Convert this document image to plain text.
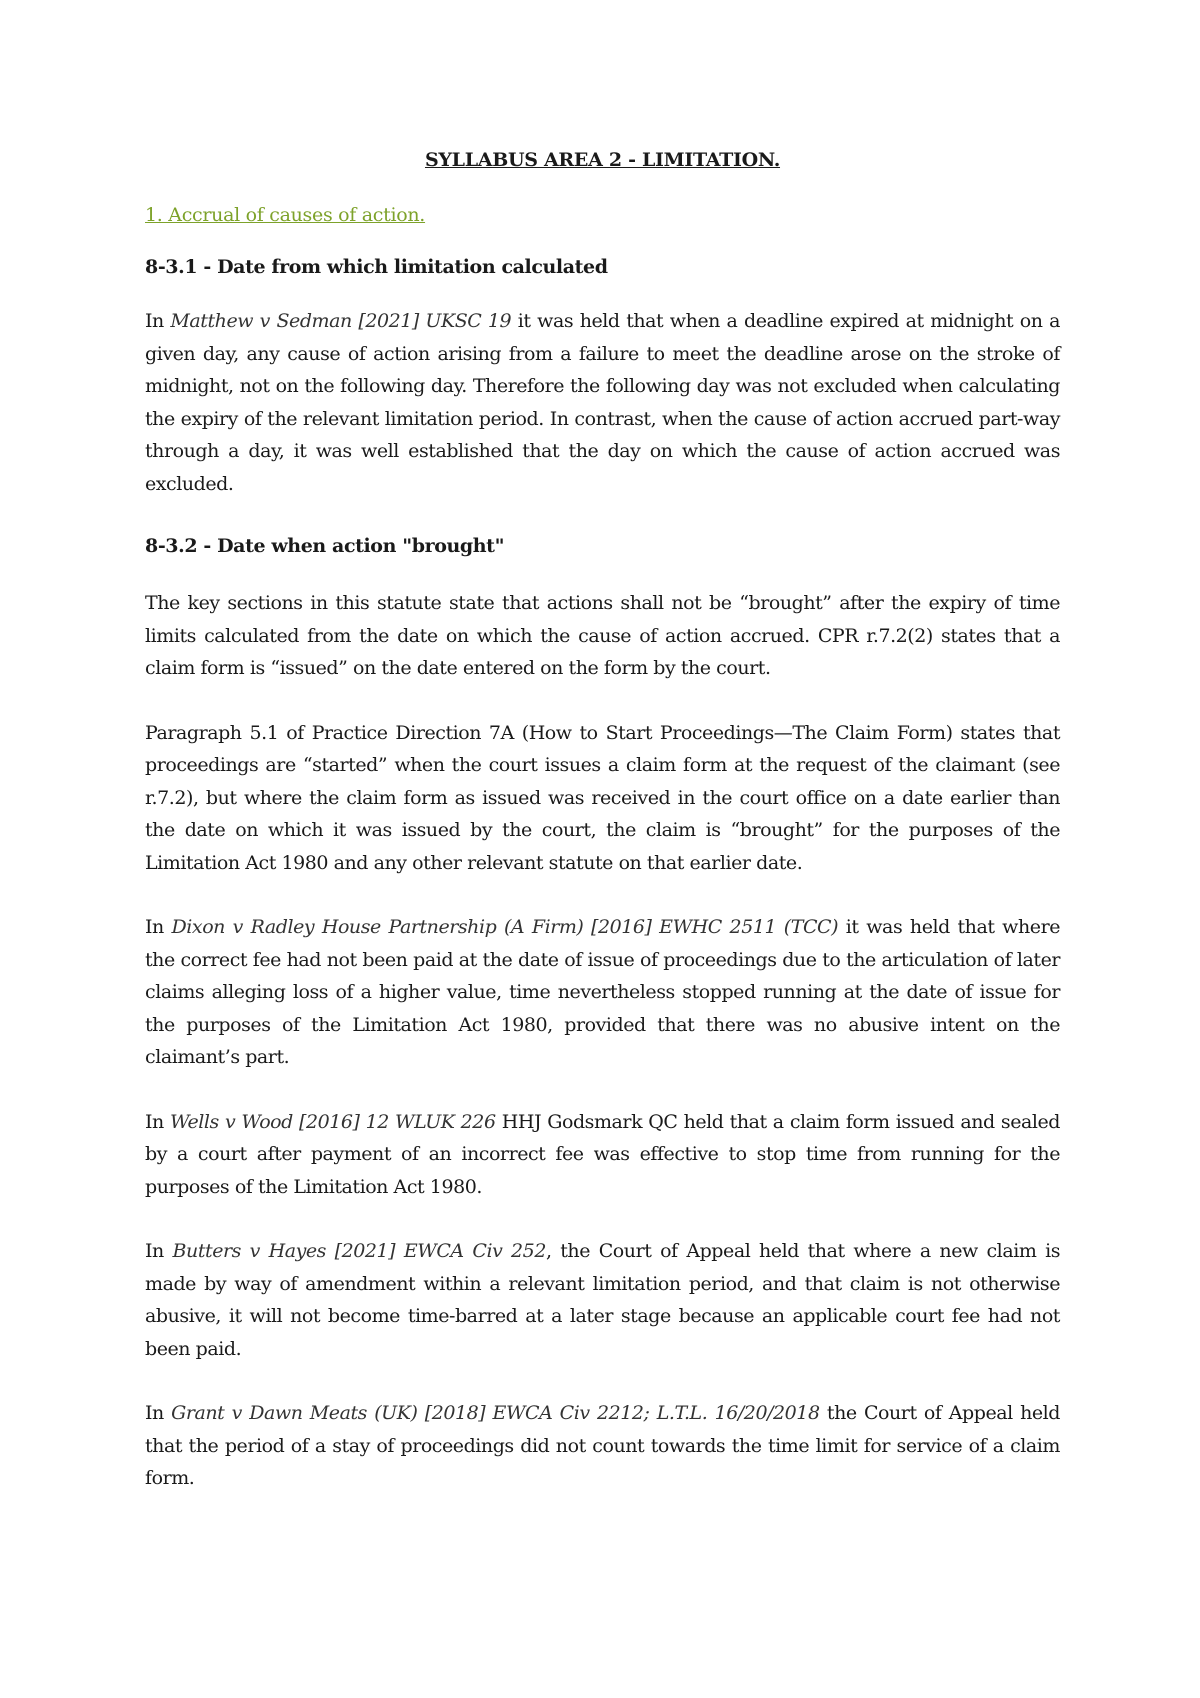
SYLLABUS AREA 2 - LIMITATION.
1. Accrual of causes of action.
8-3.1 - Date from which limitation calculated

In Matthew v Sedman [2021] UKSC 19 it was held that when a deadline expired at midnight on a given day, any cause of action arising from a failure to meet the deadline arose on the stroke of midnight, not on the following day. Therefore the following day was not excluded when calculating the expiry of the relevant limitation period. In contrast, when the cause of action accrued part-way through a day, it was well established that the day on which the cause of action accrued was excluded.

8-3.2 - Date when action "brought"

The key sections in this statute state that actions shall not be “brought” after the expiry of time limits calculated from the date on which the cause of action accrued. CPR r.7.2(2) states that a claim form is “issued” on the date entered on the form by the court.

Paragraph 5.1 of Practice Direction 7A (How to Start Proceedings—The Claim Form) states that proceedings are “started” when the court issues a claim form at the request of the claimant (see r.7.2), but where the claim form as issued was received in the court office on a date earlier than the date on which it was issued by the court, the claim is “brought” for the purposes of the Limitation Act 1980 and any other relevant statute on that earlier date.

In Dixon v Radley House Partnership (A Firm) [2016] EWHC 2511 (TCC) it was held that where the correct fee had not been paid at the date of issue of proceedings due to the articulation of later claims alleging loss of a higher value, time nevertheless stopped running at the date of issue for the purposes of the Limitation Act 1980, provided that there was no abusive intent on the claimant’s part.

In Wells v Wood [2016] 12 WLUK 226 HHJ Godsmark QC held that a claim form issued and sealed by a court after payment of an incorrect fee was effective to stop time from running for the purposes of the Limitation Act 1980.

In Butters v Hayes [2021] EWCA Civ 252, the Court of Appeal held that where a new claim is made by way of amendment within a relevant limitation period, and that claim is not otherwise abusive, it will not become time-barred at a later stage because an applicable court fee had not been paid.

In Grant v Dawn Meats (UK) [2018] EWCA Civ 2212; L.T.L. 16/20/2018 the Court of Appeal held that the period of a stay of proceedings did not count towards the time limit for service of a claim form.
